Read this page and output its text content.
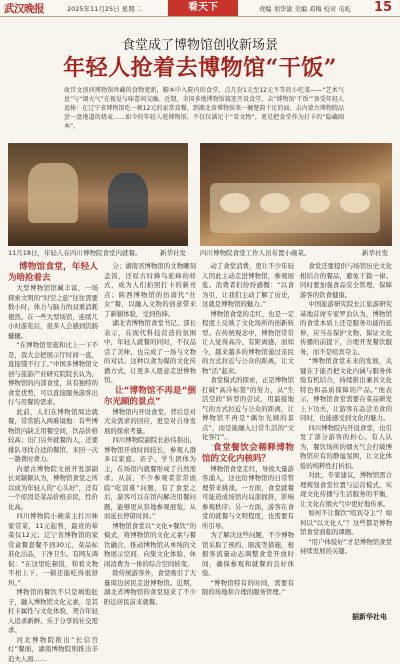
武汉晚报	2025年11月25日 星期二	看天下	责编 刘华渝 美编 邓梅 校对 屯屹 15
食堂成了博物馆创收新场景
年轻人抢着去博物馆“干饭”
故宫文创问博物馆珍藏的食物更新，脚本中入院内的食堂，点几份1元至12元不等的小吃菜——“艺术气息”与“烟火气”在视觉与味蕾间交融。近期，全国多地博物馆接连开设食堂，去“博物馆‘干饭’”备受年轻人追捧：在辽宁省博物馆吃一顿12元的家常盒餐，到湖北省博物馆来一碗楚韵十足的面，去内蒙古博物院品尝一盘地道的烧麦……如今的年轻人逛博物馆，不仅仅满足于“看文物”，更是把食堂作为打卡的“隐藏副本”。
11月18日，年轻人在四川博物院食堂内就餐。	新华社发 四川博物院食堂工作人员布置小碗菜。	新华社发

博物馆食堂，年轻人为啥抢着去

大型博物馆馆藏丰富，一场探索文明的“时空之旅”往往需要数小时，体力与脑力的双重消耗使然。在一些大型场馆，连续几小时游览后，很多人会感到饥肠辘辘。

“在博物馆里逛和比上一下不是，我大会把展示厅时间一直，直接饿不行了。”中国多博物馆文创与旅游产业研究院院长认为，博物馆的内部食堂，具有独特的食堂优势，可以直接服务游客出行与用餐的需求。

此前，人们在博物馆周边就餐，常常陷入两难境地：有些博物馆内缺乏用餐空间，饮品价格较高；出门另外就餐的人，还要排队寻找合适的餐馆，来回一次一趟费时费力。

内蒙古博物院文创开发部副长刘颖颖认为，博物馆食堂之所以成为年轻人的“心头好”，还有一个原因是菜品价格亲民，性价比高。

四川博物院小碗菜主打川味家常菜，11元起售，最贵的荤菜仅12元；辽宁省博物馆的家常盒餐套餐不到30元，菜品标准化出品，干净卫生。有网友调侃：“在这里吃顿饭，和看文物不相上下，一顿还能吃得很舒坦。”

博物馆的餐饮不只是填饱肚子，融入博物馆文化元素，是其打卡属性与文化体验，契合年轻人追求新鲜、乐于分享的社交需求。

河北博物院推出“长信宫灯”餐面，湖南博物院则推出辛追夫人面……

分；湖南省博物馆的文物雕刻盖饭，还原古时蜂鸟驼峰的样式，成为人们拍照打卡的新亮点；陕西博物馆的仿唐代“仕女”餐，以融入文物的创意带来了新颖体验，受到热捧。

湖北省博物馆食堂书记、部长表示，在现代科技营造的氛围中，年轻人就餐的同时，不仅品尝了美味，也完成了一场与文物的对话。这种以食为媒的文化传播方式，让更多人愿意走进博物馆。

让“博物馆不再是“倒尔光顾的景点”

博物馆内开设食堂，背后是对大众需求的回应，更是对自身发展的探索考量。

四川博物院副院长孙伟指出，博物馆开放时间较长，参观人群多以家庭、亲子、学生团体为主，在场馆内就餐形成了自然需求。从前，不少参观者常常面临“吃饭难”问题，有了食堂之后，游客可以在馆内解决用餐问题，能够更从容地参观展览，从而延长停留时间。”

博物馆食堂以“文化+餐饮”的模式，将博物馆的文化元素与餐饮融合，推动博物馆从单纯的文物展示空间，向集文化体验、休闲消费为一体的综合空间转变。

除传统游客外，食堂吸引了大量周边居民走进博物馆。近期，湖北省博物馆的食堂迎来了不少附近居民前来就餐。

动了食堂消费，更让不少年轻人因此主动走进博物馆，参观展览。消费者们纷纷感慨：“以食为引，让我们主动了解了历史，这就是博物馆的魅力。”

博物馆食堂的走红，也是一定程度上反映了文化场所的创新转型。在传统观念中，博物馆常常让人觉得高冷、有距离感，而如今，越来越多的博物馆通过亲民的方式拉近与公众的距离，让文物“活”起来。

食堂模式的探索，正是博物馆打破“高冷标签”的努力，从“生活空间”转型的尝试，用最接地气的方式拉近与公众的距离，让博物馆不再是“偶尔光顾的景点”，而是能融入日常生活的“文化客厅”。

食堂餐饮会稀释博物馆的文化内核吗？

博物馆食堂走红，导致大量游客涌入，这也给博物馆的日常管理带来挑战。一方面，食堂就餐可能造成场馆内局部拥挤，影响参观秩序；另一方面，游客在食堂的就餐与文明程度，也需要有所引导。

为了解决这些问题，不少博物馆采取了预约、限流等措施，根据客流量动态调整食堂开放时间，确保参观和就餐的良好体验。

“博物馆特有的时间，需要有限的场地和合理的服务管理。”

食堂还要提供与场馆历史文化相结合的餐品，避免千篇一律。同时要加强食品安全管理，保障游客的饮食健康。

中国旅游研究院长江旅游研究基地首席专家罗治认为，博物馆的食堂本质上还是服务功能的延伸，应当在保护文物、保证文化传播的前提下，合理开发餐饮服务，而不是喧宾夺主。

“博物馆食堂未来的发展，关键在于能否把文化内涵与服务体验有机结合，持续推出兼具文化特色和品质保障的产品。”他表示，博物馆食堂需要在菜品研发上下功夫，让游客在品尝美食的同时，也能感受到文化的魅力。

四川博物院内开设食堂，也引发了部分游客的担心。有人认为，餐饮场所的烟火气会打破博物馆应有的静谧氛围，让文化体验的纯粹性打折扣。

对此，专家建议，博物馆需合理规划食堂位置与运营模式，实现文化传播与生活服务的平衡，让文化在烟火气中更好地传承。

如何不让餐饮“喧宾夺主”？如何以“以文化人”？这些都是博物馆食堂面临的课题。

“用户体验好”才是博物馆食堂持续发展的关键。

据新华社电
